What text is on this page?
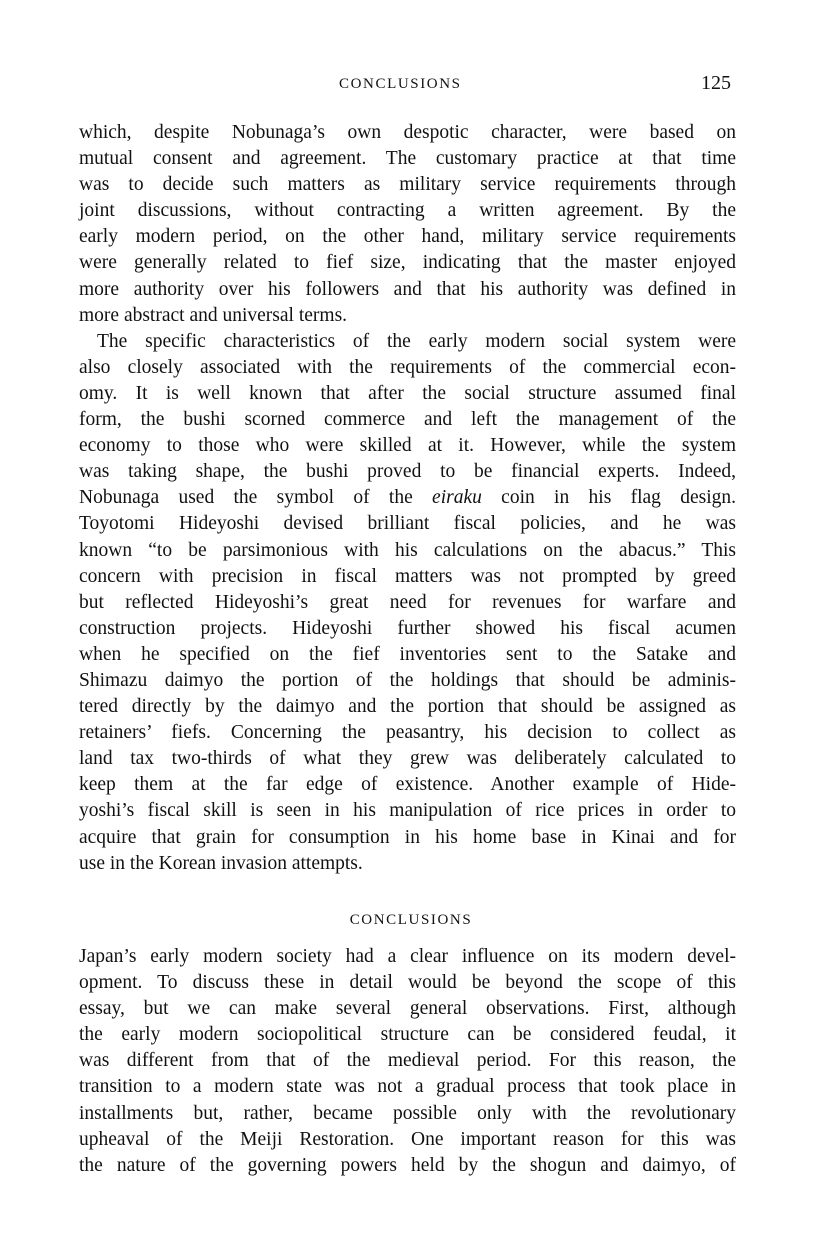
CONCLUSIONS	125

which, despite Nobunaga’s own despotic character, were based on
mutual consent and agreement. The customary practice at that time
was to decide such matters as military service requirements through
joint discussions, without contracting a written agreement. By the
early modern period, on the other hand, military service requirements
were generally related to fief size, indicating that the master enjoyed
more authority over his followers and that his authority was defined in
more abstract and universal terms.

The specific characteristics of the early modern social system were
also closely associated with the requirements of the commercial econ-
omy. It is well known that after the social structure assumed final
form, the bushi scorned commerce and left the management of the
economy to those who were skilled at it. However, while the system
was taking shape, the bushi proved to be financial experts. Indeed,
Nobunaga used the symbol of the eiraku coin in his flag design.
Toyotomi Hideyoshi devised brilliant fiscal policies, and he was
known “to be parsimonious with his calculations on the abacus.” This
concern with precision in fiscal matters was not prompted by greed
but reflected Hideyoshi’s great need for revenues for warfare and
construction projects. Hideyoshi further showed his fiscal acumen
when he specified on the fief inventories sent to the Satake and
Shimazu daimyo the portion of the holdings that should be adminis-
tered directly by the daimyo and the portion that should be assigned as
retainers’ fiefs. Concerning the peasantry, his decision to collect as
land tax two-thirds of what they grew was deliberately calculated to
keep them at the far edge of existence. Another example of Hide-
yoshi’s fiscal skill is seen in his manipulation of rice prices in order to
acquire that grain for consumption in his home base in Kinai and for
use in the Korean invasion attempts.

CONCLUSIONS

Japan’s early modern society had a clear influence on its modern devel-
opment. To discuss these in detail would be beyond the scope of this
essay, but we can make several general observations. First, although
the early modern sociopolitical structure can be considered feudal, it
was different from that of the medieval period. For this reason, the
transition to a modern state was not a gradual process that took place in
installments but, rather, became possible only with the revolutionary
upheaval of the Meiji Restoration. One important reason for this was
the nature of the governing powers held by the shogun and daimyo, of
